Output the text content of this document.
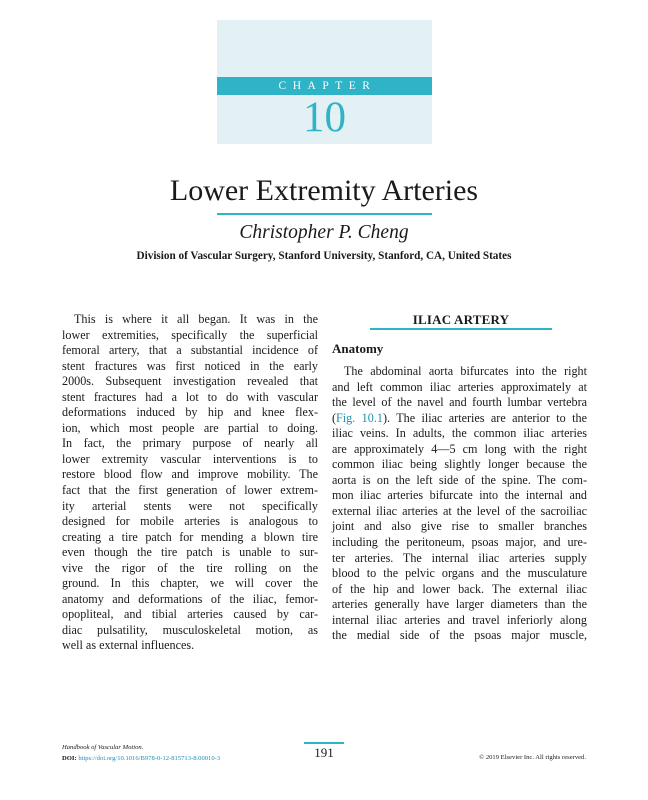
CHAPTER
10
Lower Extremity Arteries
Christopher P. Cheng
Division of Vascular Surgery, Stanford University, Stanford, CA, United States
This is where it all began. It was in the
lower extremities, specifically the superficial
femoral artery, that a substantial incidence of
stent fractures was first noticed in the early
2000s. Subsequent investigation revealed that
stent fractures had a lot to do with vascular
deformations induced by hip and knee flex-
ion, which most people are partial to doing.
In fact, the primary purpose of nearly all
lower extremity vascular interventions is to
restore blood flow and improve mobility. The
fact that the first generation of lower extrem-
ity arterial stents were not specifically
designed for mobile arteries is analogous to
creating a tire patch for mending a blown tire
even though the tire patch is unable to sur-
vive the rigor of the tire rolling on the
ground. In this chapter, we will cover the
anatomy and deformations of the iliac, femor-
opopliteal, and tibial arteries caused by car-
diac pulsatility, musculoskeletal motion, as
well as external influences.
ILIAC ARTERY
Anatomy
The abdominal aorta bifurcates into the right
and left common iliac arteries approximately at
the level of the navel and fourth lumbar vertebra
(Fig. 10.1). The iliac arteries are anterior to the
iliac veins. In adults, the common iliac arteries
are approximately 4—5 cm long with the right
common iliac being slightly longer because the
aorta is on the left side of the spine. The com-
mon iliac arteries bifurcate into the internal and
external iliac arteries at the level of the sacroiliac
joint and also give rise to smaller branches
including the peritoneum, psoas major, and ure-
ter arteries. The internal iliac arteries supply
blood to the pelvic organs and the musculature
of the hip and lower back. The external iliac
arteries generally have larger diameters than the
internal iliac arteries and travel inferiorly along
the medial side of the psoas major muscle,
Handbook of Vascular Motion.
DOI: https://doi.org/10.1016/B978-0-12-815713-8.00010-3	191	© 2019 Elsevier Inc. All rights reserved.
